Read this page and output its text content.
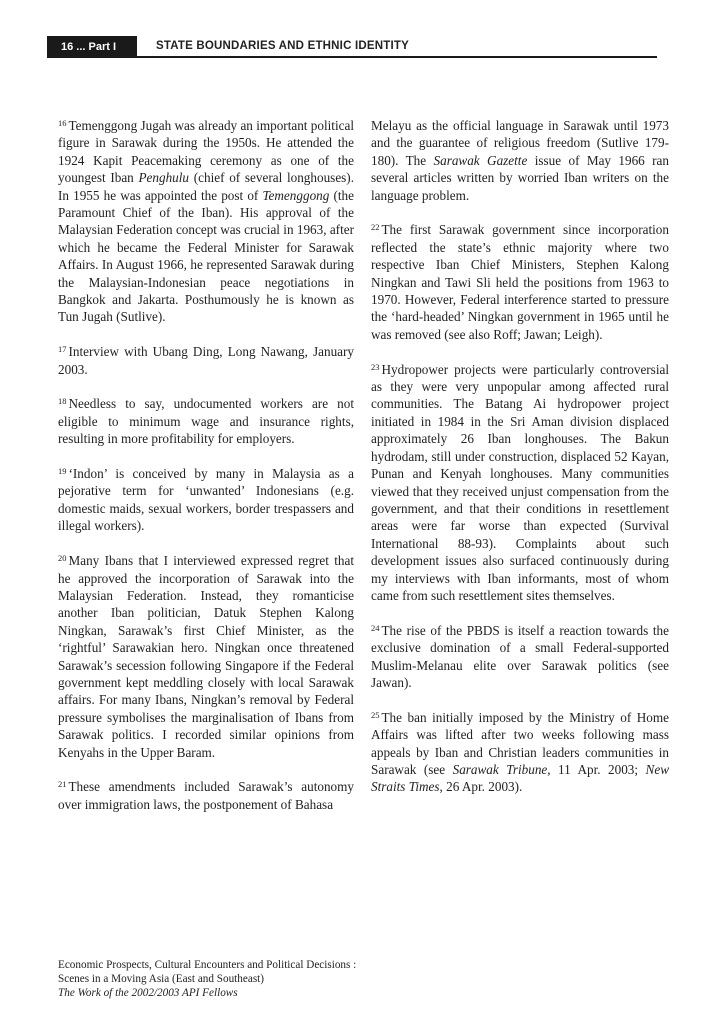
16 ... Part I	STATE BOUNDARIES AND ETHNIC IDENTITY

$^{16}$ Temenggong Jugah was already an important political figure in Sarawak during the 1950s. He attended the 1924 Kapit Peacemaking ceremony as one of the youngest Iban Penghulu (chief of several longhouses). In 1955 he was appointed the post of Temenggong (the Paramount Chief of the Iban). His approval of the Malaysian Federation concept was crucial in 1963, after which he became the Federal Minister for Sarawak Affairs. In August 1966, he represented Sarawak during the Malaysian-Indonesian peace negotiations in Bangkok and Jakarta. Posthumously he is known as Tun Jugah (Sutlive).

$^{17}$ Interview with Ubang Ding, Long Nawang, January 2003.

$^{18}$ Needless to say, undocumented workers are not eligible to minimum wage and insurance rights, resulting in more profitability for employers.

$^{19}$ ‘Indon’ is conceived by many in Malaysia as a pejorative term for ‘unwanted’ Indonesians (e.g. domestic maids, sexual workers, border trespassers and illegal workers).

$^{20}$ Many Ibans that I interviewed expressed regret that he approved the incorporation of Sarawak into the Malaysian Federation. Instead, they romanticise another Iban politician, Datuk Stephen Kalong Ningkan, Sarawak’s first Chief Minister, as the ‘rightful’ Sarawakian hero. Ningkan once threatened Sarawak’s secession following Singapore if the Federal government kept meddling closely with local Sarawak affairs. For many Ibans, Ningkan’s removal by Federal pressure symbolises the marginalisation of Ibans from Sarawak politics. I recorded similar opinions from Kenyahs in the Upper Baram.

$^{21}$ These amendments included Sarawak’s autonomy over immigration laws, the postponement of Bahasa

Melayu as the official language in Sarawak until 1973 and the guarantee of religious freedom (Sutlive 179-180). The Sarawak Gazette issue of May 1966 ran several articles written by worried Iban writers on the language problem.

$^{22}$ The first Sarawak government since incorporation reflected the state’s ethnic majority where two respective Iban Chief Ministers, Stephen Kalong Ningkan and Tawi Sli held the positions from 1963 to 1970. However, Federal interference started to pressure the ‘hard-headed’ Ningkan government in 1965 until he was removed (see also Roff; Jawan; Leigh).

$^{23}$ Hydropower projects were particularly controversial as they were very unpopular among affected rural communities. The Batang Ai hydropower project initiated in 1984 in the Sri Aman division displaced approximately 26 Iban longhouses. The Bakun hydrodam, still under construction, displaced 52 Kayan, Punan and Kenyah longhouses. Many communities viewed that they received unjust compensation from the government, and that their conditions in resettlement areas were far worse than expected (Survival International 88-93). Complaints about such development issues also surfaced continuously during my interviews with Iban informants, most of whom came from such resettlement sites themselves.

$^{24}$ The rise of the PBDS is itself a reaction towards the exclusive domination of a small Federal-supported Muslim-Melanau elite over Sarawak politics (see Jawan).

$^{25}$ The ban initially imposed by the Ministry of Home Affairs was lifted after two weeks following mass appeals by Iban and Christian leaders communities in Sarawak (see Sarawak Tribune, 11 Apr. 2003; New Straits Times, 26 Apr. 2003).

Economic Prospects, Cultural Encounters and Political Decisions :
Scenes in a Moving Asia (East and Southeast)
The Work of the 2002/2003 API Fellows
